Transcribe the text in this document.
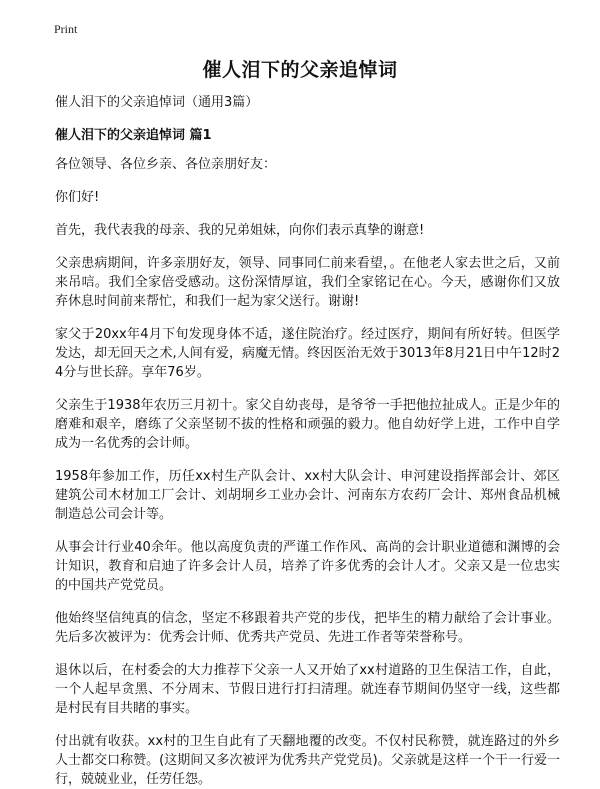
Print
催人泪下的父亲追悼词

催人泪下的父亲追悼词（通用3篇）

催人泪下的父亲追悼词 篇1

各位领导、各位乡亲、各位亲朋好友：

你们好!

首先，我代表我的母亲、我的兄弟姐妹，向你们表示真挚的谢意!

父亲患病期间，许多亲朋好友，领导、同事同仁前来看望，。在他老人家去世之后，又前来吊唁。我们全家倍受感动。这份深情厚谊，我们全家铭记在心。今天，感谢你们又放弃休息时间前来帮忙，和我们一起为家父送行。谢谢!

家父于20xx年4月下旬发现身体不适，遂住院治疗。经过医疗，期间有所好转。但医学发达，却无回天之术,人间有爱，病魔无情。终因医治无效于3013年8月21日中午12时24分与世长辞。享年76岁。

父亲生于1938年农历三月初十。家父自幼丧母，是爷爷一手把他拉扯成人。正是少年的磨难和艰辛，磨练了父亲坚韧不拔的性格和顽强的毅力。他自幼好学上进，工作中自学成为一名优秀的会计师。

1958年参加工作，历任xx村生产队会计、xx村大队会计、申河建设指挥部会计、郊区建筑公司木材加工厂会计、刘胡垌乡工业办会计、河南东方农药厂会计、郑州食品机械制造总公司会计等。

从事会计行业40余年。他以高度负责的严谨工作作风、高尚的会计职业道德和渊博的会计知识，教育和启迪了许多会计人员，培养了许多优秀的会计人才。父亲又是一位忠实的中国共产党党员。

他始终坚信纯真的信念，坚定不移跟着共产党的步伐，把毕生的精力献给了会计事业。先后多次被评为：优秀会计师、优秀共产党员、先进工作者等荣誉称号。

退休以后，在村委会的大力推荐下父亲一人又开始了xx村道路的卫生保洁工作，自此，一个人起早贪黑、不分周末、节假日进行打扫清理。就连春节期间仍坚守一线，这些都是村民有目共睹的事实。

付出就有收获。xx村的卫生自此有了天翻地覆的改变。不仅村民称赞，就连路过的外乡人士都交口称赞。(这期间又多次被评为优秀共产党党员)。父亲就是这样一个干一行爱一行，兢兢业业，任劳任怨。
